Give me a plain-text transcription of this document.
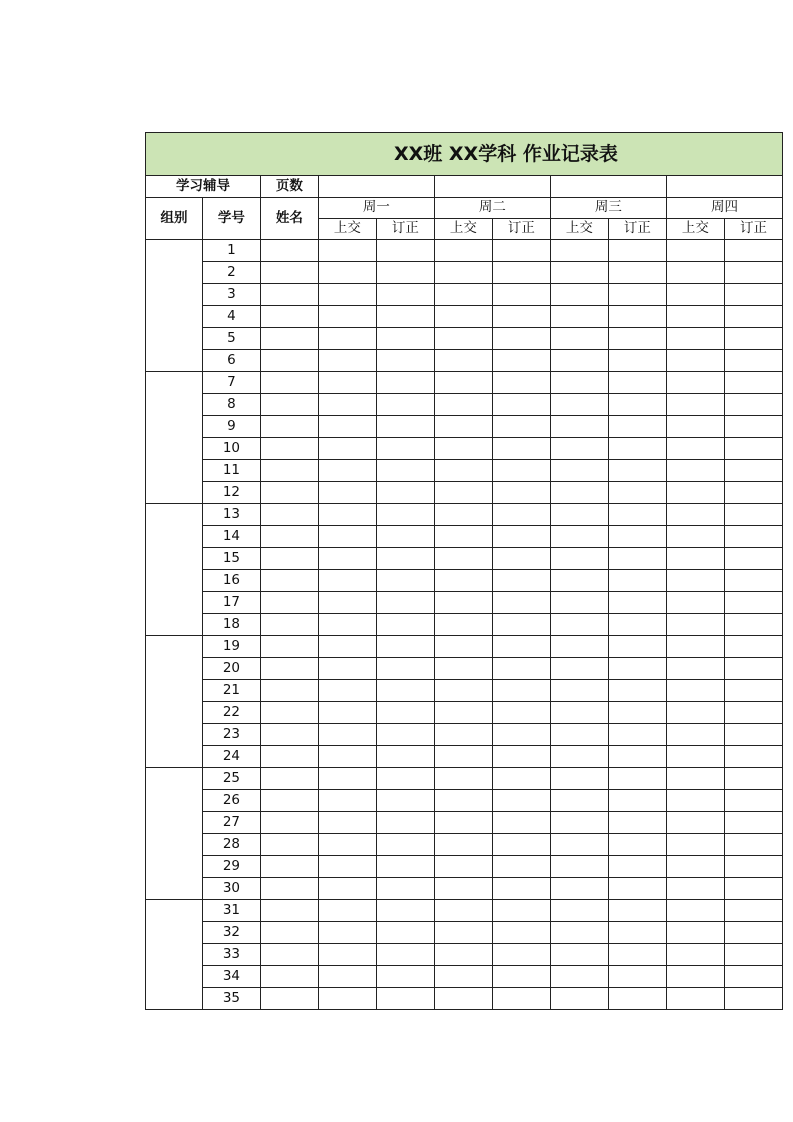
XX班 XX学科 作业记录表										
学习辅导		页数								
组别	学号	姓名	周一		周二		周三		周四	
			上交	订正	上交	订正	上交	订正	上交	订正
	1									
	2									
	3									
	4									
	5									
	6									
	7									
	8									
	9									
	10									
	11									
	12									
	13									
	14									
	15									
	16									
	17									
	18									
	19									
	20									
	21									
	22									
	23									
	24									
	25									
	26									
	27									
	28									
	29									
	30									
	31									
	32									
	33									
	34									
	35									
